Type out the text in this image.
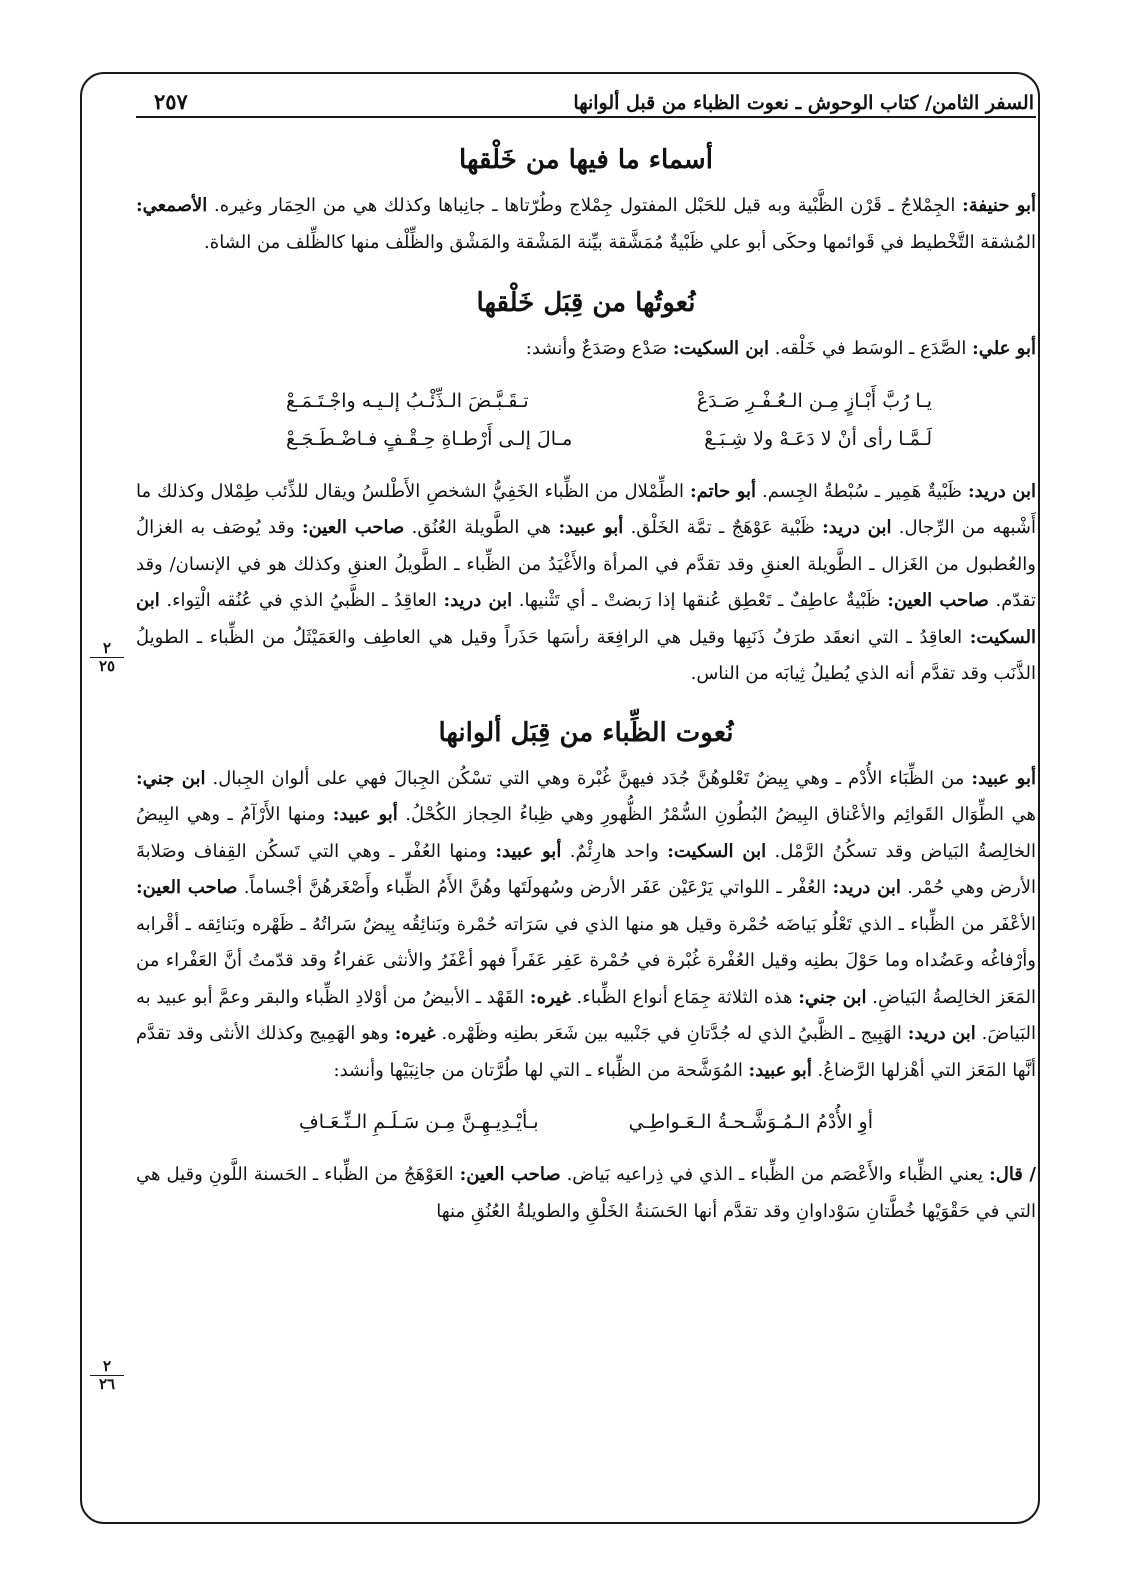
٢
٢٥
٢
٢٦
السفر الثامن/ كتاب الوحوش ـ نعوت الظباء من قبل ألوانها
٢٥٧
أسماء ما فيها من خَلْقها

أبو حنيفة: الجِمْلاجُ ـ قَرْن الظَّبْية وبه قيل للحَبْل المفتول جِمْلاج وطُرّتاها ـ جانِباها وكذلك هي من الحِمَار وغيره. الأصمعي: المُشقة التَّخْطيط في قَوائمها وحكَى أبو علي ظَبْيةٌ مُمَشَّقة بيِّنة المَشْقة والمَشْق والظِّلْف منها كالظِّلف من الشاة.

نُعوتُها من قِبَل خَلْقها

أبو علي: الصَّدَع ـ الوسَط في خَلْقه. ابن السكيت: صَدْع وصَدَعٌ وأنشد:

يـا رُبَّ أَبْـازٍ مِـن الـعُـفْـرِ صَـدَعْ
تـقَـبَّـضَ الـذِّئْـبُ إلـيـه واجْـتَـمَـعْ
لَـمَّـا رأى أنْ لا دَعَـهْ ولا شِـبَـعْ
مـالَ إلـى أَرْطـاةِ حِـقْـفٍ فـاضْـطَـجَـعْ

ابن دريد: ظَبْيةٌ هَمِير ـ سُبْطةُ الجِسم. أبو حاتم: الطِّمْلال من الظِّباء الخَفِيُّ الشخصِ الأَطْلسُ ويقال للذِّئب طِمْلال وكذلك ما أَشْبهه من الرِّجال. ابن دريد: ظَبْية عَوْهَجٌ ـ تمَّة الخَلْق. أبو عبيد: هي الطَّويلة العُنُق. صاحب العين: وقد يُوصَف به الغزالُ والعُطبول من الغَزال ـ الطَّويلة العنقِ وقد تقدَّم في المرأة والأَغْيَدُ من الظِّباء ـ الطَّويلُ العنقِ وكذلك هو في الإنسان/ وقد تقدّم. صاحب العين: ظَبْيةٌ عاطِفٌ ـ تَعْطِق عُنقها إذا رَبضتْ ـ أي تَثْنيها. ابن دريد: العاقِدُ ـ الظَّبيُ الذي في عُنُقه الْتِواء. ابن السكيت: العاقِدُ ـ التي انعقَد طرَفُ ذَنَبِها وقيل هي الرافِعَة رأسَها حَذَراً وقيل هي العاطِف والعَمَيْثَلُ من الظِّباء ـ الطويلُ الذَّنَب وقد تقدَّم أنه الذي يُطيلُ ثِيابَه من الناس.

نُعوت الظِّباء من قِبَل ألوانها

أبو عبيد: من الظِّبَاء الأُدْم ـ وهي بِيضٌ تَعْلوهُنَّ جُدَد فيهنَّ غُبْرة وهي التي تسْكُن الجِبالَ فهي على ألوان الجِبال. ابن جني: هي الطِّوَال القَوائِم والأعْناق البِيضُ البُطُونِ السُّمْرُ الظُّهورِ وهي ظِباءُ الحِجاز الكُحْلُ. أبو عبيد: ومنها الأَرْآمُ ـ وهي البِيضُ الخالِصةُ البَياض وقد تسكُنُ الرَّمْل. ابن السكيت: واحد هارِئْمٌ. أبو عبيد: ومنها العُفْر ـ وهي التي تَسكُن القِفاف وصَلابةَ الأرض وهي حُمْر. ابن دريد: العُفْر ـ اللواتي يَرْعَيْن عَفَر الأرض وسُهولَتَها وهُنَّ الأَمُ الظِّباء وأَصْغَرهُنَّ أجْساماً. صاحب العين: الأعْفَر من الظِّباء ـ الذي تَعْلُو بَياضَه حُمْرة وقيل هو منها الذي في سَرَاته حُمْرة وبَنائِقُه بِيضٌ سَراتُهُ ـ ظَهْره وبَنائِقه ـ أقْرابه وأرْفاغُه وعَضُداه وما حَوْلَ بطنِه وقيل العُفْرة غُبْرة في حُمْرة عَفِر عَفَراً فهو أعْفَرُ والأنثى عَفراءُ وقد قدّمتُ أنَّ العَفْراء من المَعَز الخالِصةُ البَياضِ. ابن جني: هذه الثلاثة جِمَاع أنواع الظِّباء. غيره: القَهْد ـ الأبيضُ من أوْلادِ الظِّباء والبقر وعمَّ أبو عبيد به البَياضَ. ابن دريد: الهَبِيج ـ الظَّبيُ الذي له جُدَّتانِ في جَنْبيه بين شَعَر بطنِه وظَهْره. غيره: وهو الهَمِيج وكذلك الأنثى وقد تقدَّم أنَّها المَعَز التي أهْزلها الرَّضاعُ. أبو عبيد: المُوَشَّحة من الظِّباء ـ التي لها طُرَّتان من جانِبَيْها وأنشد:

أوِ الأُدْمُ الـمُـوَشَّـحـةُ الـعَـواطِـي
بـأيْـدِيـهِـنَّ مِـن سَـلَـمِ الـنِّـعَـافِ

/ قال: يعني الظِّباء والأَعْصَم من الظِّباء ـ الذي في ذِراعيه بَياض. صاحب العين: العَوْهَجُ من الظِّباء ـ الحَسنة اللَّونِ وقيل هي التي في حَقْوَيْها خُطَّتانِ سَوْداوانِ وقد تقدَّم أنها الحَسَنةُ الخَلْقِ والطويلةُ العُنُقِ منها
